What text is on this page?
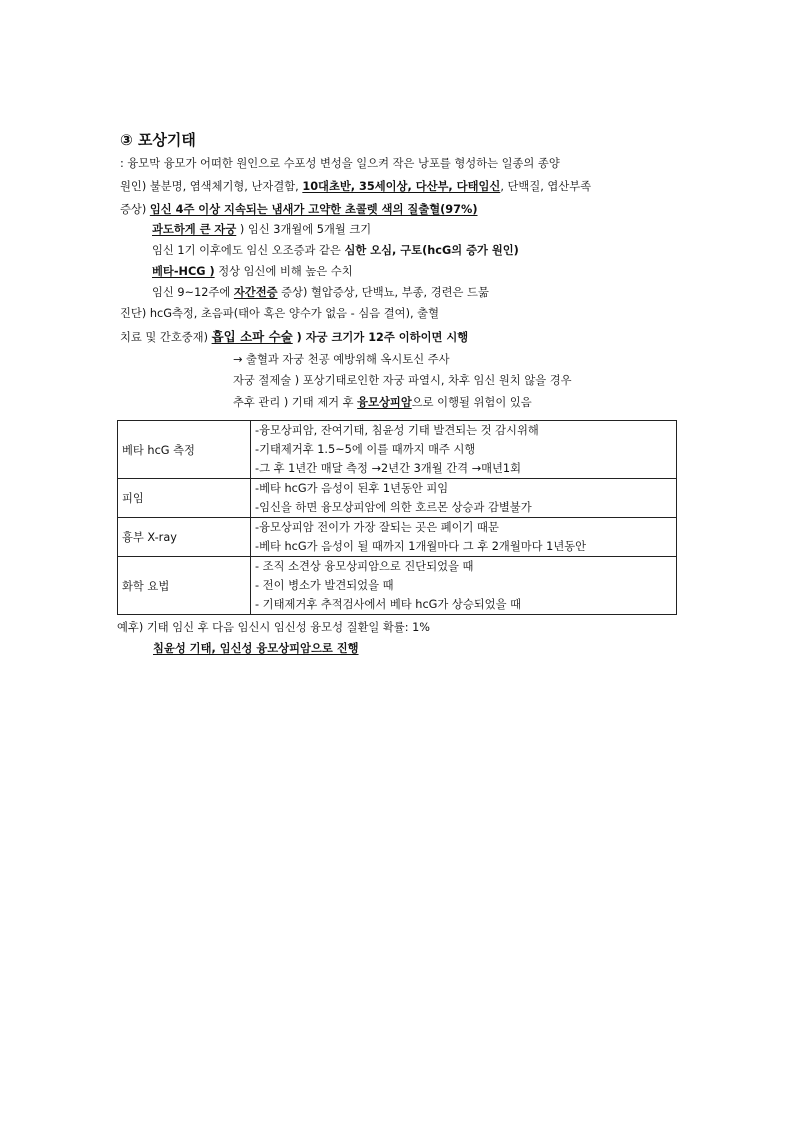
③ 포상기태
: 융모막 융모가 어떠한 원인으로 수포성 변성을 일으켜 작은 낭포를 형성하는 일종의 종양
원인) 불분명, 염색체기형, 난자결함, 10대초반, 35세이상, 다산부, 다태임신, 단백질, 엽산부족
증상) 임신 4주 이상 지속되는 냄새가 고약한 초콜렛 색의 질출혈(97%)
과도하게 큰 자궁 ) 임신 3개월에 5개월 크기
임신 1기 이후에도 임신 오조증과 같은 심한 오심, 구토(hcG의 증가 원인)
베타-HCG ) 정상 임신에 비해 높은 수치
임신 9~12주에 자간전증 증상) 혈압증상, 단백뇨, 부종, 경련은 드묾
진단) hcG측정, 초음파(태아 혹은 양수가 없음 - 심음 결여), 출혈
치료 및 간호중재) 흡입 소파 수술 ) 자궁 크기가 12주 이하이면 시행
→ 출혈과 자궁 천공 예방위해 옥시토신 주사
자궁 절제술 ) 포상기태로인한 자궁 파열시, 차후 임신 원치 않을 경우
추후 관리 ) 기태 제거 후 융모상피암으로 이행될 위험이 있음
베타 hcG 측정	-융모상피암, 잔여기태, 침윤성 기태 발견되는 것 감시위해
-기태제거후 1.5~5에 이를 때까지 매주 시행
-그 후 1년간 매달 측정 →2년간 3개월 간격 →매년1회

피임	-베타 hcG가 음성이 된후 1년동안 피임
-임신을 하면 융모상피암에 의한 호르몬 상승과 감별불가

흉부 X-ray	-융모상피암 전이가 가장 잘되는 곳은 폐이기 때문
-베타 hcG가 음성이 될 때까지 1개월마다 그 후 2개월마다 1년동안

화학 요법	- 조직 소견상 융모상피암으로 진단되었을 때
- 전이 병소가 발견되었을 때
- 기태제거후 추적검사에서 베타 hcG가 상승되었을 때
예후) 기태 임신 후 다음 임신시 임신성 융모성 질환일 확률: 1%
침윤성 기태, 임신성 융모상피암으로 진행
